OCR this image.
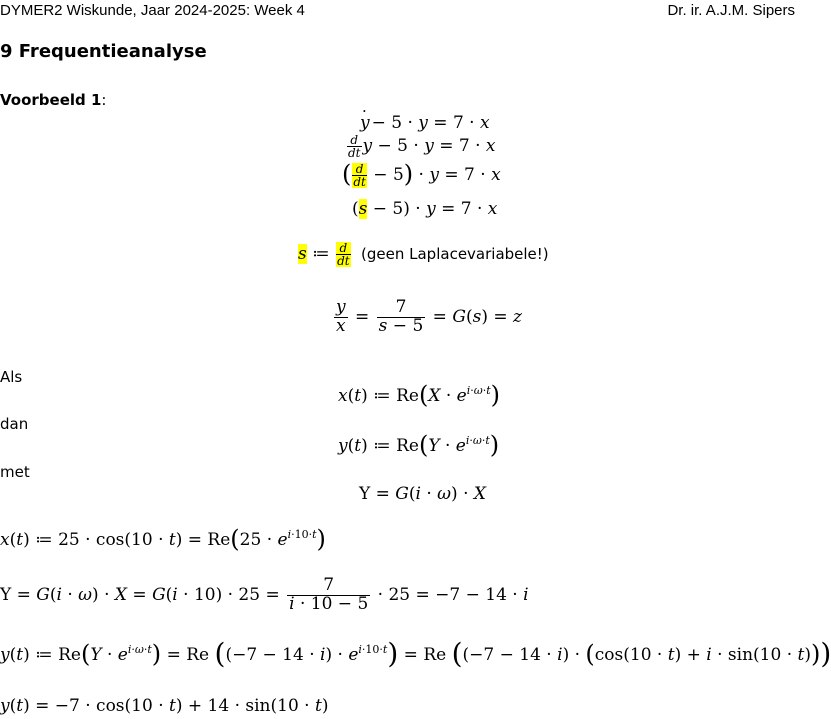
DYMER2 Wiskunde, Jaar 2024-2025: Week 4	Dr. ir. A.J.M. Sipers
9 Frequentieanalyse
Voorbeeld 1:
y · − 5 · y = 7 · x
$\frac{d}{dt}$ y − 5 · y = 7 · x
( $\frac{d}{dt} - 5) \cdot y = 7 \cdot x$
(s − 5) · y = 7 · x
s ≔ $\frac{d}{dt}$ (geen Laplacevariabele!)
$\frac{y}{x} = \frac{7}{s - 5} = G(s) = z$
Als
dan
met
x(t) ≔ $Re(X \cdot e^{i\cdot\omega\cdot t})$
y(t) ≔ $Re(Y \cdot e^{i\cdot\omega\cdot t})$
Y = G(i · ω) · X
x(t) ≔ $25 \cdot \cos(10 \cdot t) = Re(25 \cdot e^{i\cdot 10\cdot t})$
$Y = G(i \cdot \omega) \cdot X = G(i \cdot 10) \cdot 25 = \frac{7}{i \cdot 10 - 5} \cdot 25 = -7 - 14 \cdot i$
y(t) ≔ $Re(Y \cdot e^{i\cdot\omega\cdot t}) = Re$ $((-7 - 14 \cdot i) \cdot e^{i\cdot 10\cdot t}) = Re$ ((−7 − 14 · i) · (cos(10 · t) + i · sin(10 · t)))
y(t) = −7 · cos(10 · t) + 14 · sin(10 · t)
